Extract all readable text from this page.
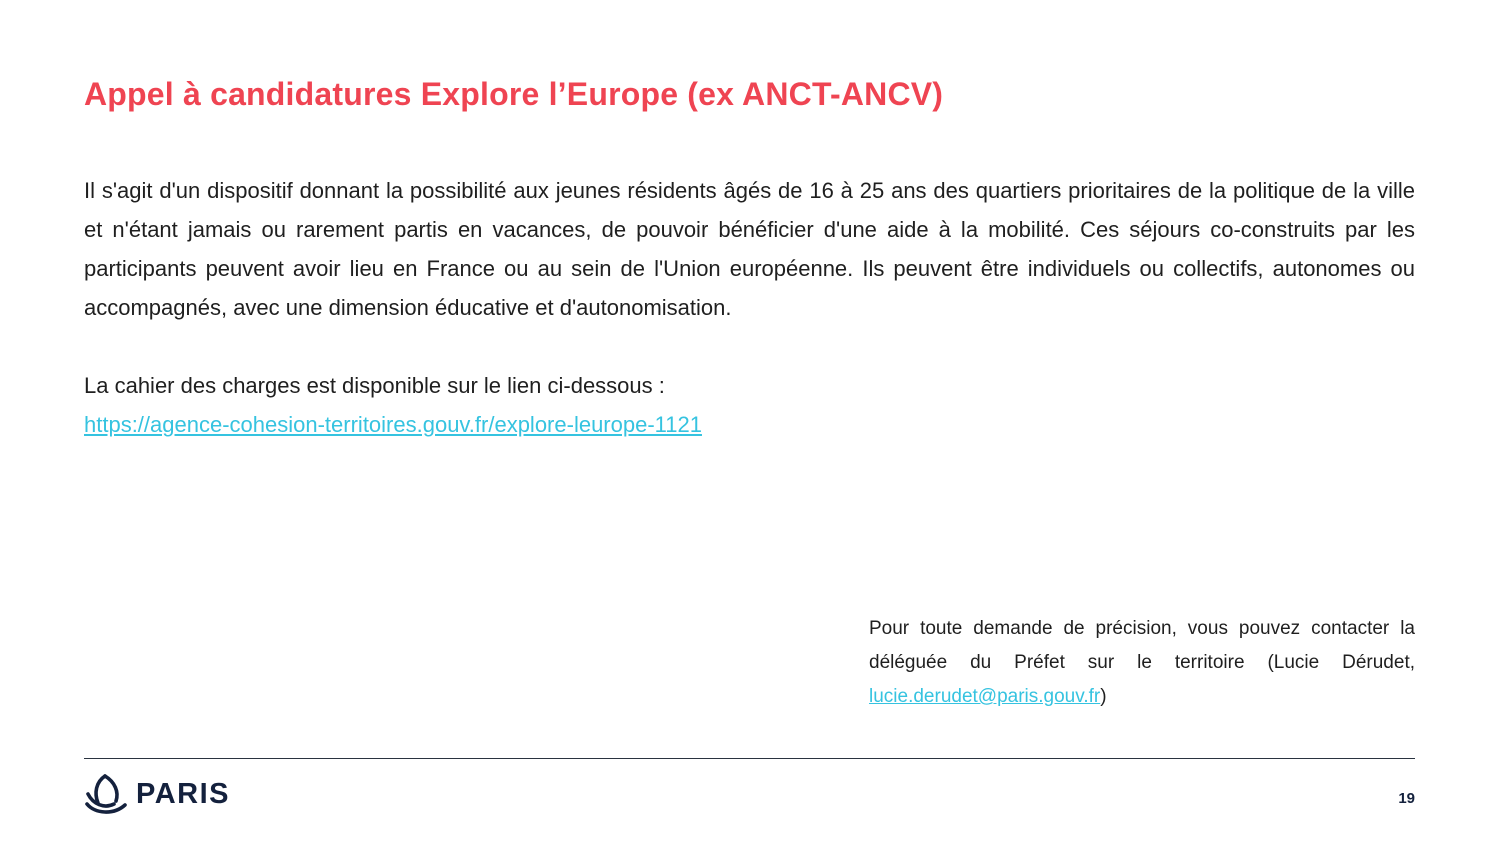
Appel à candidatures Explore l’Europe (ex ANCT-ANCV)

Il s'agit d'un dispositif donnant la possibilité aux jeunes résidents âgés de 16 à 25 ans des quartiers prioritaires de la politique de la ville et n'étant jamais ou rarement partis en vacances, de pouvoir bénéficier d'une aide à la mobilité. Ces séjours co-construits par les participants peuvent avoir lieu en France ou au sein de l'Union européenne. Ils peuvent être individuels ou collectifs, autonomes ou accompagnés, avec une dimension éducative et d'autonomisation.

La cahier des charges est disponible sur le lien ci-dessous :

https://agence-cohesion-territoires.gouv.fr/explore-leurope-1121

Pour toute demande de précision, vous pouvez contacter la déléguée du Préfet sur le territoire (Lucie Dérudet, lucie.derudet@paris.gouv.fr)

PARIS	19
